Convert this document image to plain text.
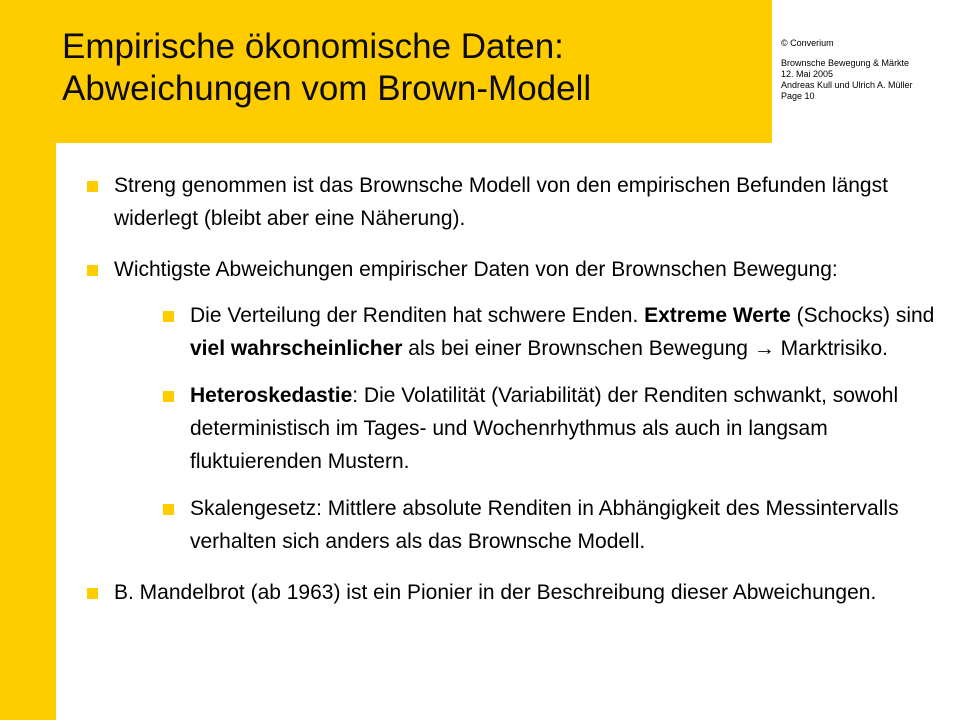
Empirische ökonomische Daten:
Abweichungen vom Brown-Modell
© Converium
Brownsche Bewegung & Märkte
12. Mai 2005
Andreas Kull und Ulrich A. Müller
Page 10
Streng genommen ist das Brownsche Modell von den empirischen Befunden längst widerlegt (bleibt aber eine Näherung).
Wichtigste Abweichungen empirischer Daten von der Brownschen Bewegung:
Die Verteilung der Renditen hat schwere Enden. Extreme Werte (Schocks) sind viel wahrscheinlicher als bei einer Brownschen Bewegung → Marktrisiko.
Heteroskedastie: Die Volatilität (Variabilität) der Renditen schwankt, sowohl deterministisch im Tages- und Wochenrhythmus als auch in langsam fluktuierenden Mustern.
Skalengesetz: Mittlere absolute Renditen in Abhängigkeit des Messintervalls verhalten sich anders als das Brownsche Modell.
B. Mandelbrot (ab 1963) ist ein Pionier in der Beschreibung dieser Abweichungen.
